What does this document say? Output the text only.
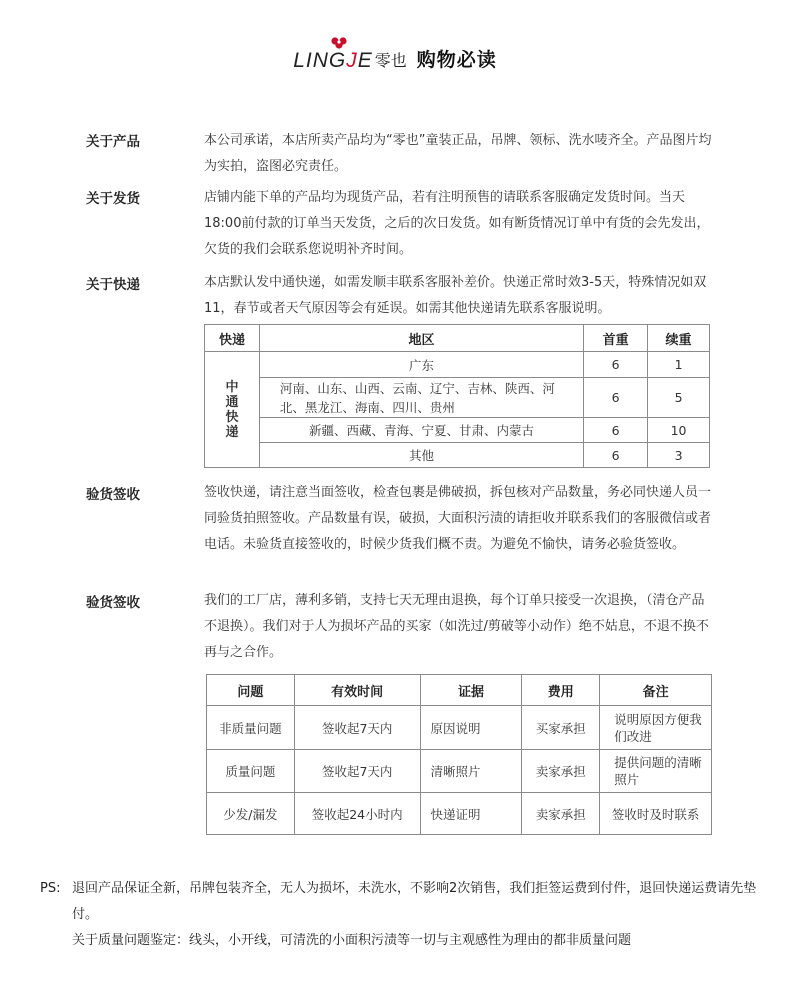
LINGJE 零也 购物必读
关于产品	本公司承诺，本店所卖产品均为“零也”童装正品，吊牌、领标、洗水唛齐全。产品图片均为实拍，盗图必究责任。

关于发货	店铺内能下单的产品均为现货产品，若有注明预售的请联系客服确定发货时间。当天18:00前付款的订单当天发货，之后的次日发货。如有断货情况订单中有货的会先发出，欠货的我们会联系您说明补齐时间。

关于快递	本店默认发中通快递，如需发顺丰联系客服补差价。快递正常时效3-5天，特殊情况如双11，春节或者天气原因等会有延误。如需其他快递请先联系客服说明。

快递	地区	首重	续重

中通快递	广东	6	1
	河南、山东、山西、云南、辽宁、吉林、陕西、河北、黑龙江、海南、四川、贵州	6	5
	新疆、西藏、青海、宁夏、甘肃、内蒙古	6	10
	其他	6	3
验货签收	签收快递，请注意当面签收，检查包裹是佛破损，拆包核对产品数量，务必同快递人员一同验货拍照签收。产品数量有误，破损，大面积污渍的请拒收并联系我们的客服微信或者电话。未验货直接签收的，时候少货我们概不责。为避免不愉快，请务必验货签收。

验货签收	我们的工厂店，薄利多销，支持七天无理由退换，每个订单只接受一次退换，（清仓产品不退换）。我们对于人为损坏产品的买家（如洗过/剪破等小动作）绝不姑息，不退不换不再与之合作。

问题	有效时间	证据	费用	备注
非质量问题	签收起7天内	原因说明	买家承担	说明原因方便我们改进
质量问题	签收起7天内	清晰照片	卖家承担	提供问题的清晰照片
少发/漏发	签收起24小时内	快递证明	卖家承担	签收时及时联系
PS: 退回产品保证全新，吊牌包装齐全，无人为损坏，未洗水，不影响2次销售，我们拒签运费到付件，退回快递运费请先垫付。
关于质量问题鉴定：线头，小开线，可清洗的小面积污渍等一切与主观感性为理由的都非质量问题
